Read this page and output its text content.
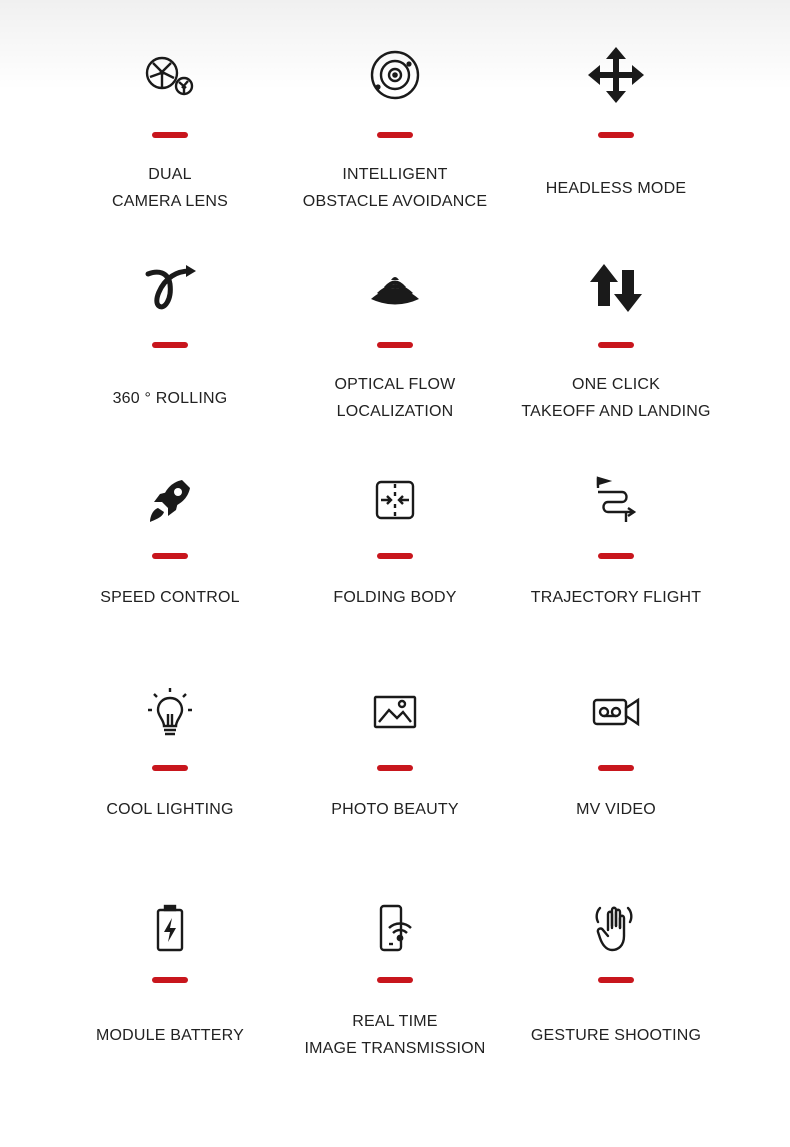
DUAL
CAMERA LENS
INTELLIGENT
OBSTACLE AVOIDANCE
HEADLESS MODE
360 ° ROLLING
OPTICAL FLOW
LOCALIZATION
ONE CLICK
TAKEOFF AND LANDING
SPEED CONTROL	FOLDING BODY	TRAJECTORY FLIGHT
COOL LIGHTING	PHOTO BEAUTY	MV VIDEO
MODULE BATTERY
REAL TIME
IMAGE TRANSMISSION
GESTURE SHOOTING
